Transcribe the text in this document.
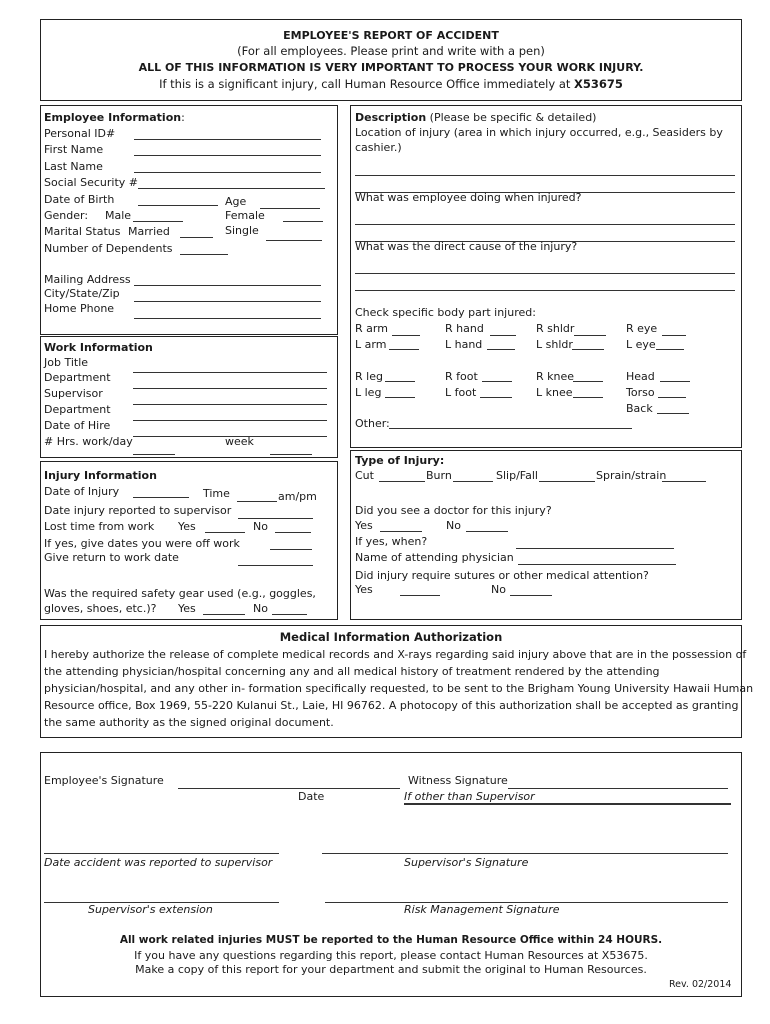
EMPLOYEE'S REPORT OF ACCIDENT
(For all employees. Please print and write with a pen)
ALL OF THIS INFORMATION IS VERY IMPORTANT TO PROCESS YOUR WORK INJURY.
If this is a significant injury, call Human Resource Office immediately at X53675
Employee Information:
Personal ID#
First Name
Last Name
Social Security #
Date of Birth	Age
Gender: Male	Female
Marital Status Married	Single
Number of Dependents
Mailing Address
City/State/Zip
Home Phone
Description (Please be specific & detailed)
Location of injury (area in which injury occurred, e.g., Seasiders by cashier.)
What was employee doing when injured?
What was the direct cause of the injury?
Check specific body part injured:
R arm	R hand	R shldr	R eye
L arm	L hand	L shldr	L eye
R leg	R foot	R knee	Head
L leg	L foot	L knee	Torso
Back
Other:
Work Information
Job Title
Department
Supervisor
Department
Date of Hire
# Hrs. work/day	week
Injury Information
Date of Injury	Time	am/pm
Date injury reported to supervisor
Lost time from work Yes	No
If yes, give dates you were off work
Give return to work date
Was the required safety gear used (e.g., goggles,
gloves, shoes, etc.)? Yes	No
Type of Injury:
Cut	Burn	Slip/Fall	Sprain/strain
Did you see a doctor for this injury?
Yes	No
If yes, when?
Name of attending physician
Did injury require sutures or other medical attention?
Yes	No
Medical Information Authorization
I hereby authorize the release of complete medical records and X-rays regarding said injury above that are in the possession of
the attending physician/hospital concerning any and all medical history of treatment rendered by the attending
physician/hospital, and any other in- formation specifically requested, to be sent to the Brigham Young University Hawaii Human
Resource office, Box 1969, 55-220 Kulanui St., Laie, HI 96762. A photocopy of this authorization shall be accepted as granting
the same authority as the signed original document.
Employee's Signature
Date
Witness Signature
If other than Supervisor
Date accident was reported to supervisor	Supervisor's Signature
Supervisor's extension	Risk Management Signature
All work related injuries MUST be reported to the Human Resource Office within 24 HOURS.
If you have any questions regarding this report, please contact Human Resources at X53675.
Make a copy of this report for your department and submit the original to Human Resources.
Rev. 02/2014
